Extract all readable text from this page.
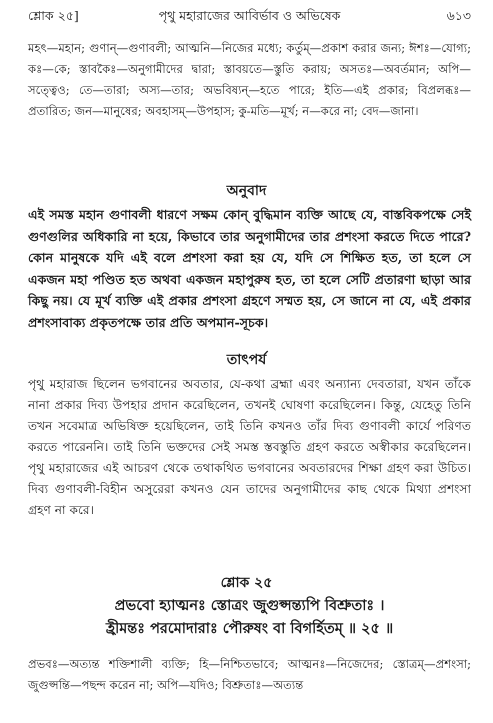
শ্লোক ২৫]	পৃথু মহারাজের আবির্ভাব ও অভিষেক	৬১৩
মহৎ—মহান; গুণান্—গুণাবলী; আত্মনি—নিজের মধ্যে; কর্তুম্—প্রকাশ করার জন্য; ঈশঃ—যোগ্য; কঃ—কে; স্তাবকৈঃ—অনুগামীদের দ্বারা; স্তাবয়তে—স্তুতি করায়; অসতঃ—অবর্তমান; অপি—সত্ত্বেও; তে—তারা; অস্য—তার; অভবিষ্যন্—হতে পারে; ইতি—এই প্রকার; বিপ্রলব্ধঃ—প্রতারিত; জন—মানুষের; অবহাসম্—উপহাস; কু-মতি—মূর্খ; ন—করে না; বেদ—জানা।
অনুবাদ
এই সমস্ত মহান গুণাবলী ধারণে সক্ষম কোন্ বুদ্ধিমান ব্যক্তি আছে যে, বাস্তবিকপক্ষে সেই গুণগুলির অধিকারি না হয়ে, কিভাবে তার অনুগামীদের তার প্রশংসা করতে দিতে পারে? কোন মানুষকে যদি এই বলে প্রশংসা করা হয় যে, যদি সে শিক্ষিত হত, তা হলে সে একজন মহা পণ্ডিত হত অথবা একজন মহাপুরুষ হত, তা হলে সেটি প্রতারণা ছাড়া আর কিছু নয়। যে মূর্খ ব্যক্তি এই প্রকার প্রশংসা গ্রহণে সম্মত হয়, সে জানে না যে, এই প্রকার প্রশংসাবাক্য প্রকৃতপক্ষে তার প্রতি অপমান-সূচক।
তাৎপর্য
পৃথু মহারাজ ছিলেন ভগবানের অবতার, যে-কথা ব্রহ্মা এবং অন্যান্য দেবতারা, যখন তাঁকে নানা প্রকার দিব্য উপহার প্রদান করেছিলেন, তখনই ঘোষণা করেছিলেন। কিন্তু, যেহেতু তিনি তখন সবেমাত্র অভিষিক্ত হয়েছিলেন, তাই তিনি কখনও তাঁর দিব্য গুণাবলী কার্যে পরিণত করতে পারেননি। তাই তিনি ভক্তদের সেই সমস্ত স্তবস্তুতি গ্রহণ করতে অস্বীকার করেছিলেন। পৃথু মহারাজের এই আচরণ থেকে তথাকথিত ভগবানের অবতারদের শিক্ষা গ্রহণ করা উচিত। দিব্য গুণাবলী-বিহীন অসুরেরা কখনও যেন তাদের অনুগামীদের কাছ থেকে মিথ্যা প্রশংসা গ্রহণ না করে।
শ্লোক ২৫
প্রভবো হ্যাত্মনঃ স্তোত্রং জুগুপ্সন্ত্যপি বিশ্রুতাঃ ।
হ্রীমন্তঃ পরমোদারাঃ পৌরুষং বা বিগর্হিতম্ ॥ ২৫ ॥
প্রভবঃ—অত্যন্ত শক্তিশালী ব্যক্তি; হি—নিশ্চিতভাবে; আত্মনঃ—নিজেদের; স্তোত্রম্—প্রশংসা; জুগুপ্সন্তি—পছন্দ করেন না; অপি—যদিও; বিশ্রুতাঃ—অত্যন্ত
